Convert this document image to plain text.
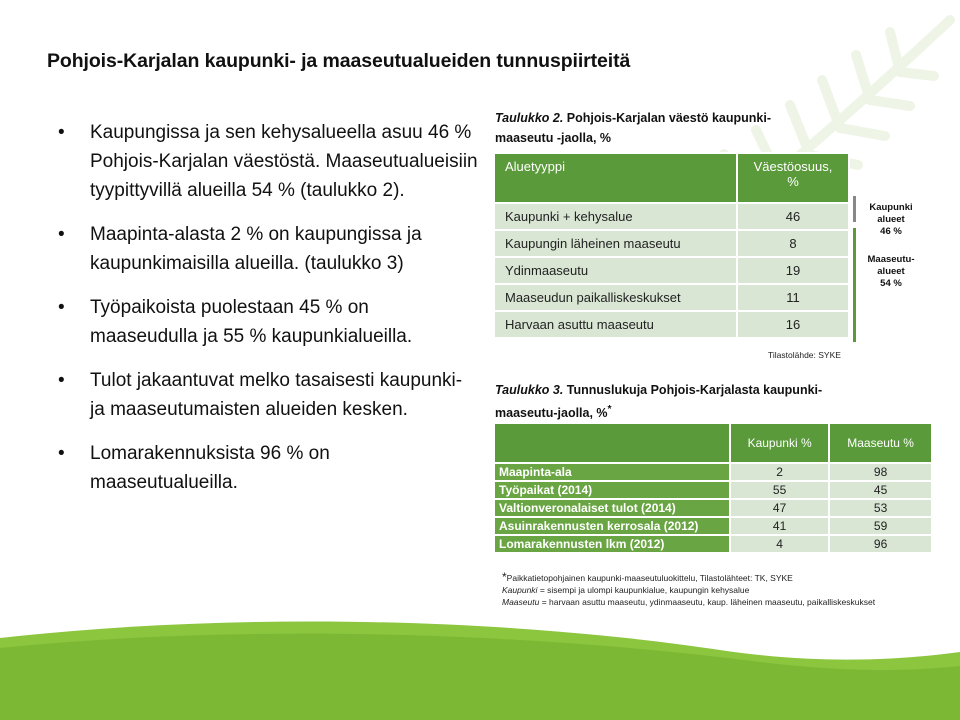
Pohjois-Karjalan kaupunki- ja maaseutualueiden tunnuspiirteitä
• Kaupungissa ja sen kehysalueella asuu 46 % Pohjois-Karjalan väestöstä. Maaseutualueisiin tyypittyvillä alueilla 54 % (taulukko 2).
• Maapinta-alasta 2 % on kaupungissa ja kaupunkimaisilla alueilla. (taulukko 3)
• Työpaikoista puolestaan 45 % on maaseudulla ja 55 % kaupunkialueilla.
• Tulot jakaantuvat melko tasaisesti kaupunki- ja maaseutumaisten alueiden kesken.
• Lomarakennuksista 96 % on maaseutualueilla.
Taulukko 2. Pohjois-Karjalan väestö kaupunki-
maaseutu -jaolla, %
Aluetyyppi	Väestöosuus, %
Kaupunki + kehysalue	46
Kaupungin läheinen maaseutu	8
Ydinmaaseutu	19
Maaseudun paikalliskeskukset	11
Harvaan asuttu maaseutu	16
Kaupunki
alueet
46 %
Maaseutu-
alueet
54 %
Tilastolähde: SYKE
Taulukko 3. Tunnuslukuja Pohjois-Karjalasta kaupunki-
maaseutu-jaolla, %*
	Kaupunki %	Maaseutu %
Maapinta-ala	2	98
Työpaikat (2014)	55	45
Valtionveronalaiset tulot (2014)	47	53
Asuinrakennusten kerrosala (2012)	41	59
Lomarakennusten lkm (2012)	4	96
*Paikkatietopohjainen kaupunki-maaseutuluokittelu, Tilastolähteet: TK, SYKE
Kaupunki = sisempi ja ulompi kaupunkialue, kaupungin kehysalue
Maaseutu = harvaan asuttu maaseutu, ydinmaaseutu, kaup. läheinen maaseutu, paikalliskeskukset
